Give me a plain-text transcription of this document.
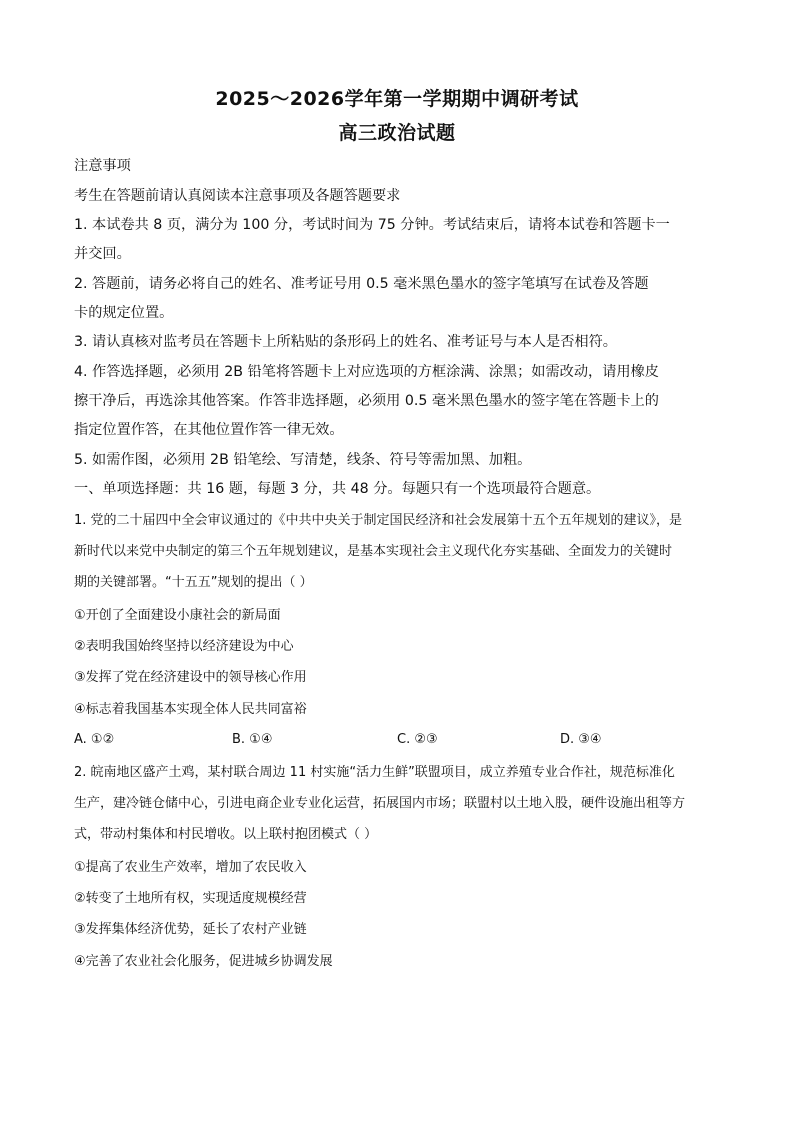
2025～2026学年第一学期期中调研考试
高三政治试题
注意事项
考生在答题前请认真阅读本注意事项及各题答题要求
1. 本试卷共 8 页，满分为 100 分，考试时间为 75 分钟。考试结束后，请将本试卷和答题卡一
并交回。
2. 答题前，请务必将自己的姓名、准考证号用 0.5 毫米黑色墨水的签字笔填写在试卷及答题
卡的规定位置。
3. 请认真核对监考员在答题卡上所粘贴的条形码上的姓名、准考证号与本人是否相符。
4. 作答选择题，必须用 2B 铅笔将答题卡上对应选项的方框涂满、涂黑；如需改动，请用橡皮
擦干净后，再选涂其他答案。作答非选择题，必须用 0.5 毫米黑色墨水的签字笔在答题卡上的
指定位置作答，在其他位置作答一律无效。
5. 如需作图，必须用 2B 铅笔绘、写清楚，线条、符号等需加黑、加粗。
一、单项选择题：共 16 题，每题 3 分，共 48 分。每题只有一个选项最符合题意。
1. 党的二十届四中全会审议通过的《中共中央关于制定国民经济和社会发展第十五个五年规划的建议》，是
新时代以来党中央制定的第三个五年规划建议，是基本实现社会主义现代化夯实基础、全面发力的关键时
期的关键部署。“十五五”规划的提出（ ）
①开创了全面建设小康社会的新局面
②表明我国始终坚持以经济建设为中心
③发挥了党在经济建设中的领导核心作用
④标志着我国基本实现全体人民共同富裕
A. ①②	B. ①④	C. ②③	D. ③④
2. 皖南地区盛产土鸡，某村联合周边 11 村实施“活力生鲜”联盟项目，成立养殖专业合作社，规范标准化
生产，建冷链仓储中心，引进电商企业专业化运营，拓展国内市场；联盟村以土地入股，硬件设施出租等方
式，带动村集体和村民增收。以上联村抱团模式（ ）
①提高了农业生产效率，增加了农民收入
②转变了土地所有权，实现适度规模经营
③发挥集体经济优势，延长了农村产业链
④完善了农业社会化服务，促进城乡协调发展
